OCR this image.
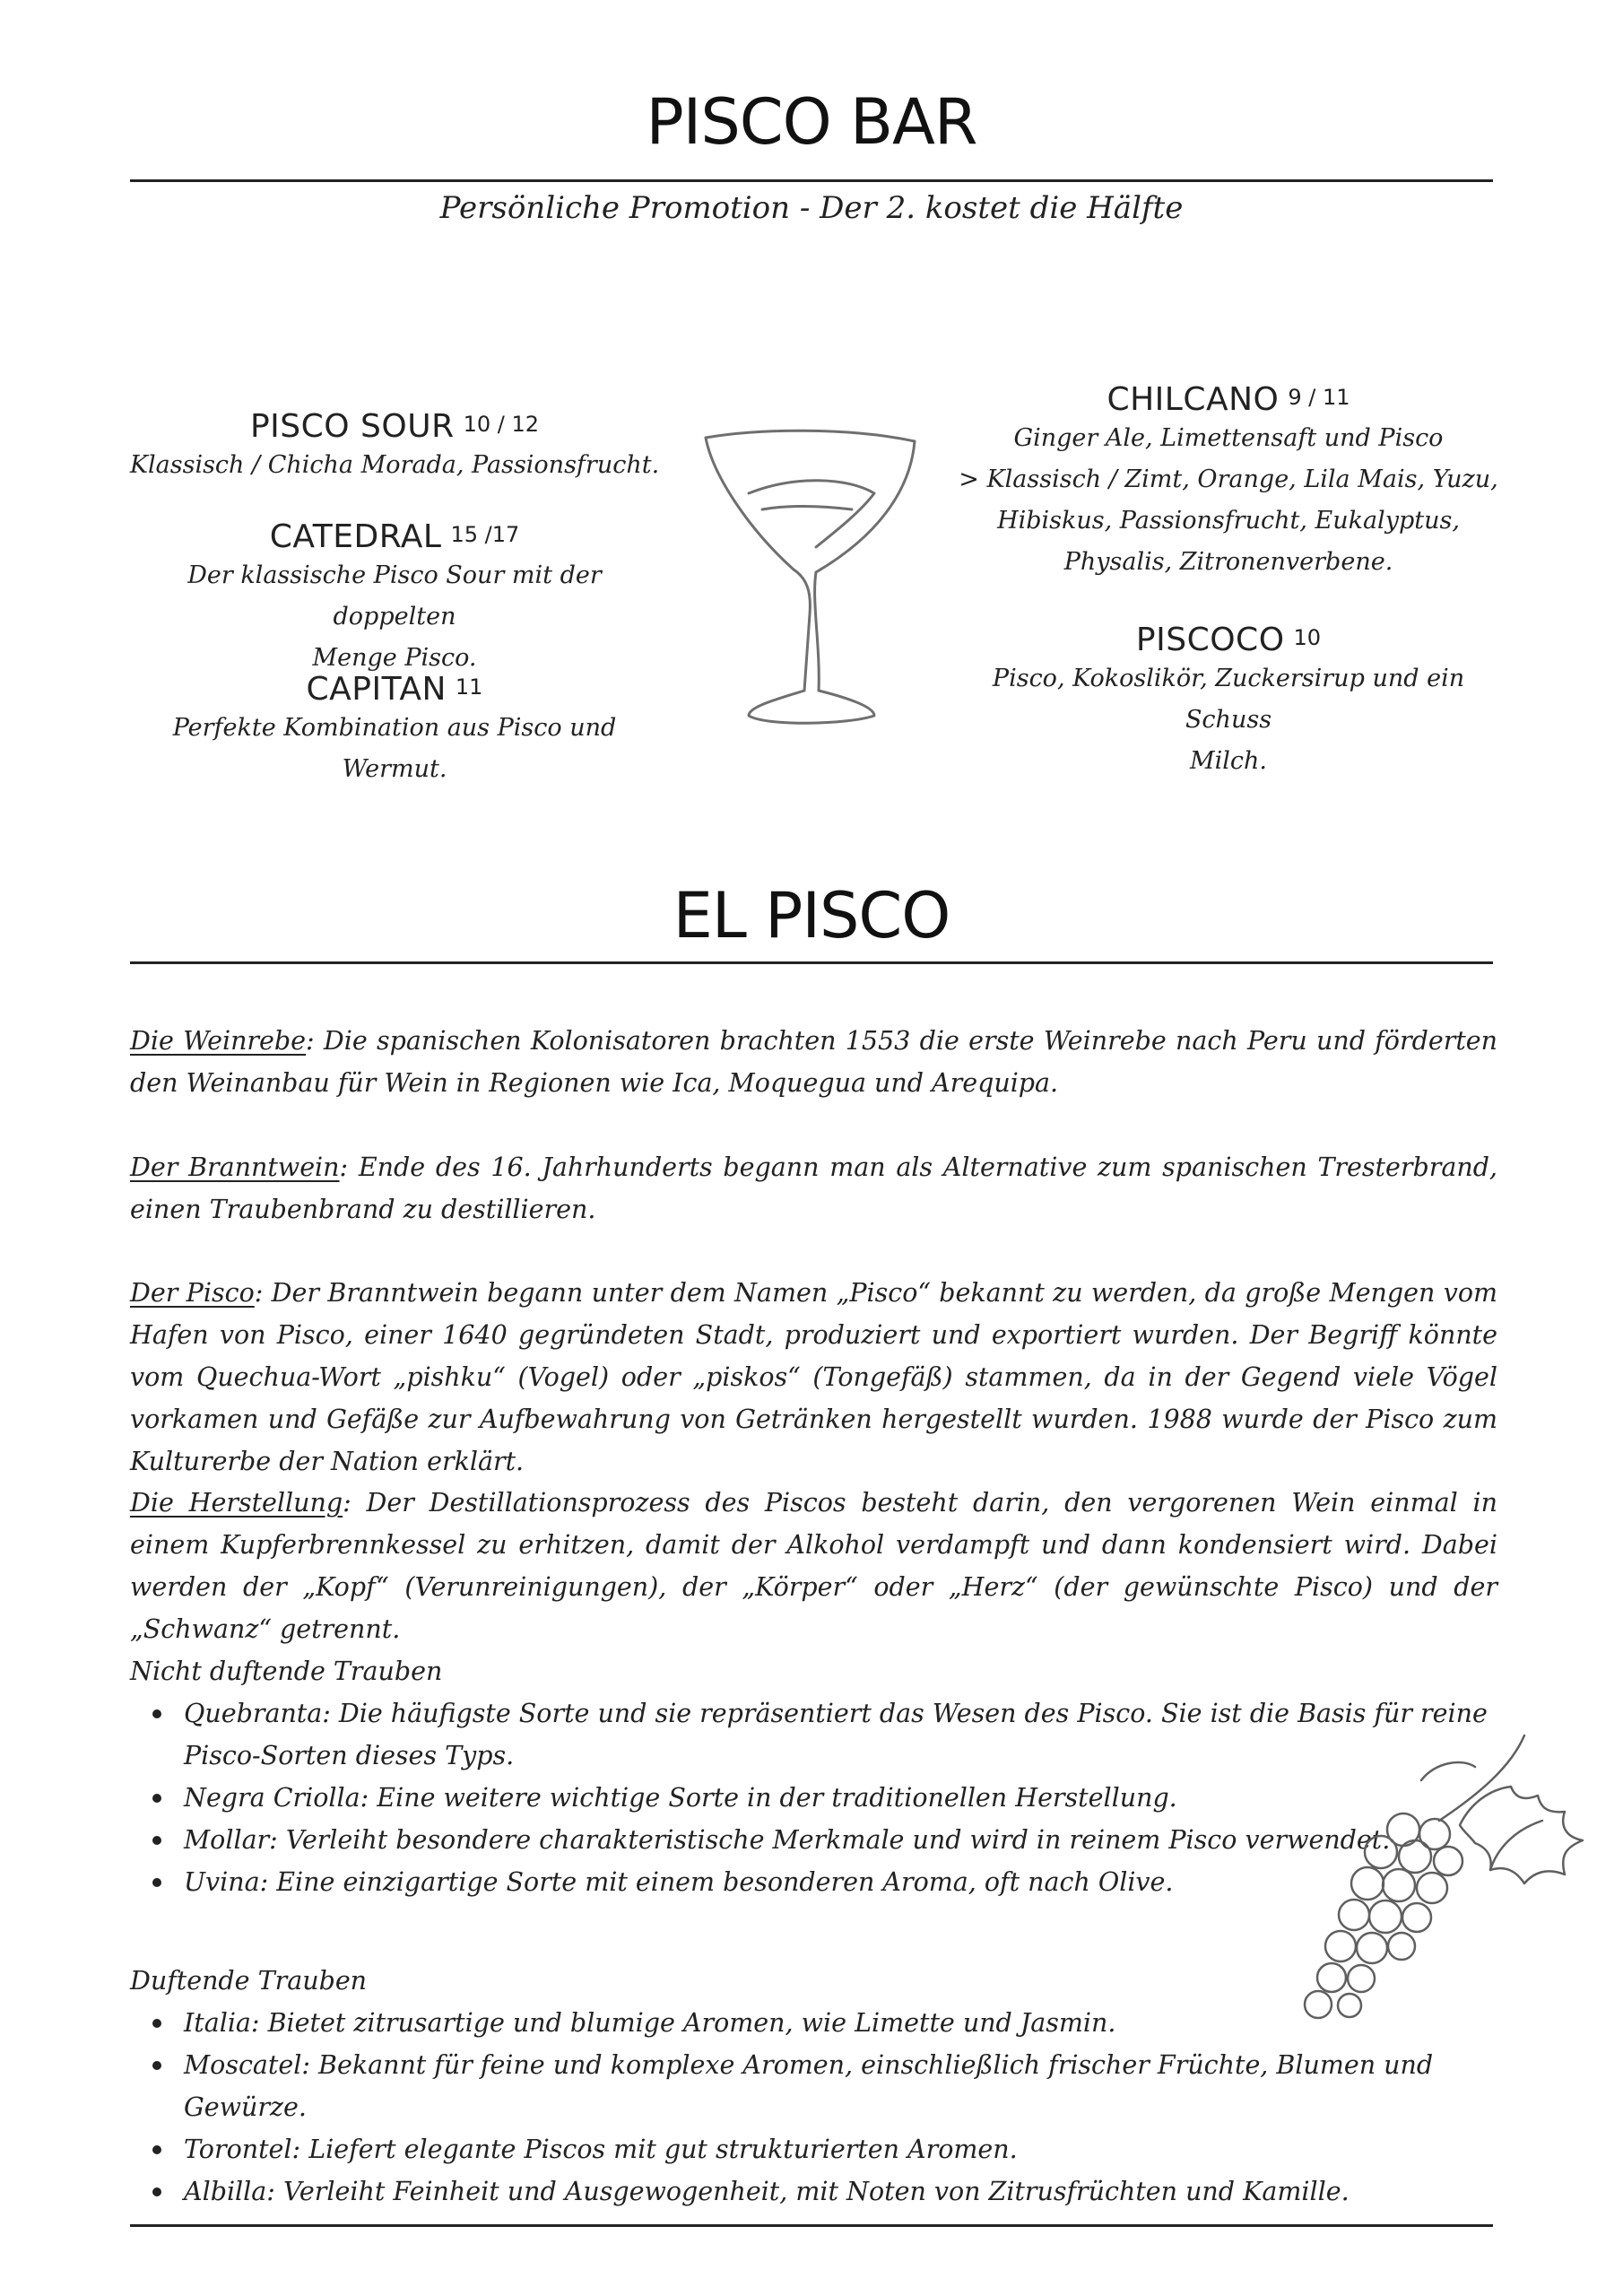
PISCO BAR
Persönliche Promotion - Der 2. kostet die Hälfte
PISCO SOUR 10 / 12
Klassisch / Chicha Morada, Passionsfrucht.
CATEDRAL 15 /17
Der klassische Pisco Sour mit der doppelten
Menge Pisco.
CAPITAN 11
Perfekte Kombination aus Pisco und Wermut.
CHILCANO 9 / 11
Ginger Ale, Limettensaft und Pisco
> Klassisch / Zimt, Orange, Lila Mais, Yuzu,
Hibiskus, Passionsfrucht, Eukalyptus,
Physalis, Zitronenverbene.
PISCOCO 10
Pisco, Kokoslikör, Zuckersirup und ein Schuss
Milch.
EL PISCO
Die Weinrebe: Die spanischen Kolonisatoren brachten 1553 die erste Weinrebe nach Peru und förderten den Weinanbau für Wein in Regionen wie Ica, Moquegua und Arequipa.
Der Branntwein: Ende des 16. Jahrhunderts begann man als Alternative zum spanischen Tresterbrand, einen Traubenbrand zu destillieren.
Der Pisco: Der Branntwein begann unter dem Namen „Pisco“ bekannt zu werden, da große Mengen vom Hafen von Pisco, einer 1640 gegründeten Stadt, produziert und exportiert wurden. Der Begriff könnte vom Quechua-Wort „pishku“ (Vogel) oder „piskos“ (Tongefäß) stammen, da in der Gegend viele Vögel vorkamen und Gefäße zur Aufbewahrung von Getränken hergestellt wurden. 1988 wurde der Pisco zum Kulturerbe der Nation erklärt.
Die Herstellung: Der Destillationsprozess des Piscos besteht darin, den vergorenen Wein einmal in einem Kupferbrennkessel zu erhitzen, damit der Alkohol verdampft und dann kondensiert wird. Dabei werden der „Kopf“ (Verunreinigungen), der „Körper“ oder „Herz“ (der gewünschte Pisco) und der „Schwanz“ getrennt.
Nicht duftende Trauben
Quebranta: Die häufigste Sorte und sie repräsentiert das Wesen des Pisco. Sie ist die Basis für reine Pisco-Sorten dieses Typs.
Negra Criolla: Eine weitere wichtige Sorte in der traditionellen Herstellung.
Mollar: Verleiht besondere charakteristische Merkmale und wird in reinem Pisco verwendet.
Uvina: Eine einzigartige Sorte mit einem besonderen Aroma, oft nach Olive.
Duftende Trauben
Italia: Bietet zitrusartige und blumige Aromen, wie Limette und Jasmin.
Moscatel: Bekannt für feine und komplexe Aromen, einschließlich frischer Früchte, Blumen und Gewürze.
Torontel: Liefert elegante Piscos mit gut strukturierten Aromen.
Albilla: Verleiht Feinheit und Ausgewogenheit, mit Noten von Zitrusfrüchten und Kamille.
